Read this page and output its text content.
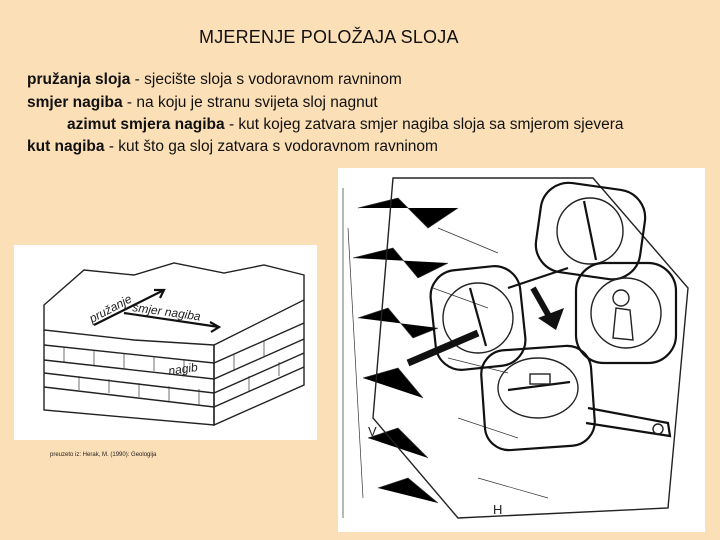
MJERENJE POLOŽAJA SLOJA
pružanja sloja - sjecište sloja s vodoravnom ravninom
smjer nagiba - na koju je stranu svijeta sloj nagnut
azimut smjera nagiba - kut kojeg zatvara smjer nagiba sloja sa smjerom sjevera
kut nagiba - kut što ga sloj zatvara s vodoravnom ravninom
pružanje
smjer nagiba
nagib
preuzeto iz: Herak, M. (1990): Geologija
V
H
